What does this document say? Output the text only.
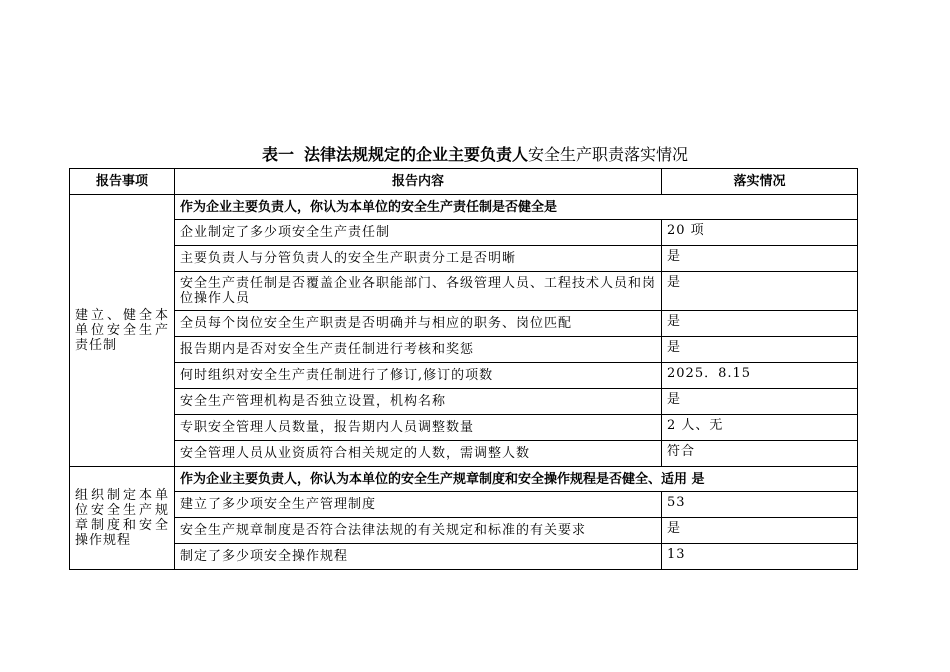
表一 法律法规规定的企业主要负责人安全生产职责落实情况
报告事项	报告内容	落实情况
建立、健全本单位安全生产责任制	作为企业主要负责人，你认为本单位的安全生产责任制是否健全是	
	企业制定了多少项安全生产责任制	20 项
	主要负责人与分管负责人的安全生产职责分工是否明晰	是
	安全生产责任制是否覆盖企业各职能部门、各级管理人员、工程技术人员和岗位操作人员	是
	全员每个岗位安全生产职责是否明确并与相应的职务、岗位匹配	是
	报告期内是否对安全生产责任制进行考核和奖惩	是
	何时组织对安全生产责任制进行了修订,修订的项数	2025．8.15
	安全生产管理机构是否独立设置，机构名称	是
	专职安全管理人员数量，报告期内人员调整数量	2 人、无
	安全管理人员从业资质符合相关规定的人数，需调整人数	符合
组织制定本单位安全生产规章制度和安全操作规程	作为企业主要负责人，你认为本单位的安全生产规章制度和安全操作规程是否健全、适用 是	
	建立了多少项安全生产管理制度	53
	安全生产规章制度是否符合法律法规的有关规定和标准的有关要求	是
	制定了多少项安全操作规程	13
